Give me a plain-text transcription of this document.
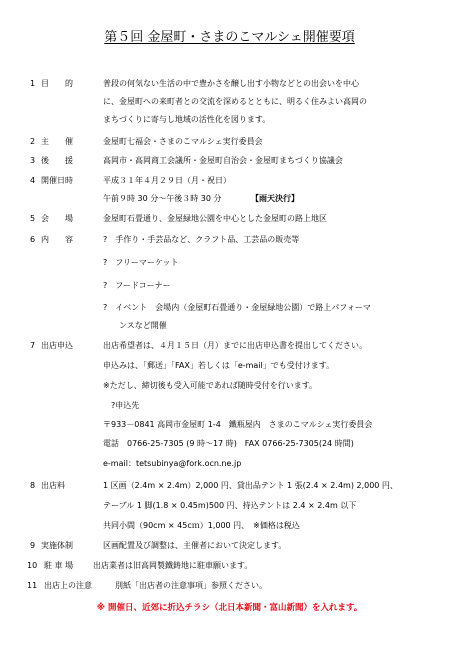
第５回 金屋町・さまのこマルシェ開催要項
1 目　　的	普段の何気ない生活の中で豊かさを醸し出す小物などとの出会いを中心
に、金屋町への来町者との交流を深めるとともに、明るく住みよい高岡の
まちづくりに寄与し地域の活性化を図ります。
2 主　　催	金屋町七福会・さまのこマルシェ実行委員会
3 後　　援	高岡市・高岡商工会議所・金屋町自治会・金屋町まちづくり協議会
4 開催日時	平成３１年４月２９日（月・祝日）
午前９時 30 分〜午後３時 30 分	【雨天決行】
5 会　　場	金屋町石畳通り、金屋緑地公園を中心とした金屋町の路上地区
6 内　　容	?　手作り・手芸品など、クラフト品、工芸品の販売等
?　フリーマーケット
?　フードコーナー
?　イベント　会場内（金屋町石畳通り・金屋緑地公園）で路上パフォーマ
　　ンスなど開催
7 出店申込	出店希望者は、４月１５日（月）までに出店申込書を提出してください。
申込みは、「郵送」「FAX」若しくは「e-mail」でも受付けます。
※ただし、締切後も受入可能であれば随時受付を行います。
　?申込先
〒933－0841 高岡市金屋町 1-4　鐵瓶屋内　さまのこマルシェ実行委員会
電話　0766-25-7305 (9 時〜17 時)　FAX 0766-25-7305(24 時間)
e-mail：tetsubinya@fork.ocn.ne.jp
8 出店料	1 区画（2.4m × 2.4m）2,000 円、貸出品テント 1 張(2.4 × 2.4m) 2,000 円、
テーブル 1 脚(1.8 × 0.45m)500 円、持込テントは 2.4 × 2.4m 以下
共同小間（90cm × 45cｍ）1,000 円、　※価格は税込
9 実施体制	区画配置及び調整は、主催者において決定します。
10 駐 車 場 出店業者は旧高岡製鐵鋳地に駐車願います。
11 出店上の注意	別紙「出店者の注意事項」参照ください。
※ 開催日、近郊に折込チラシ（北日本新聞・富山新聞）を入れます。
